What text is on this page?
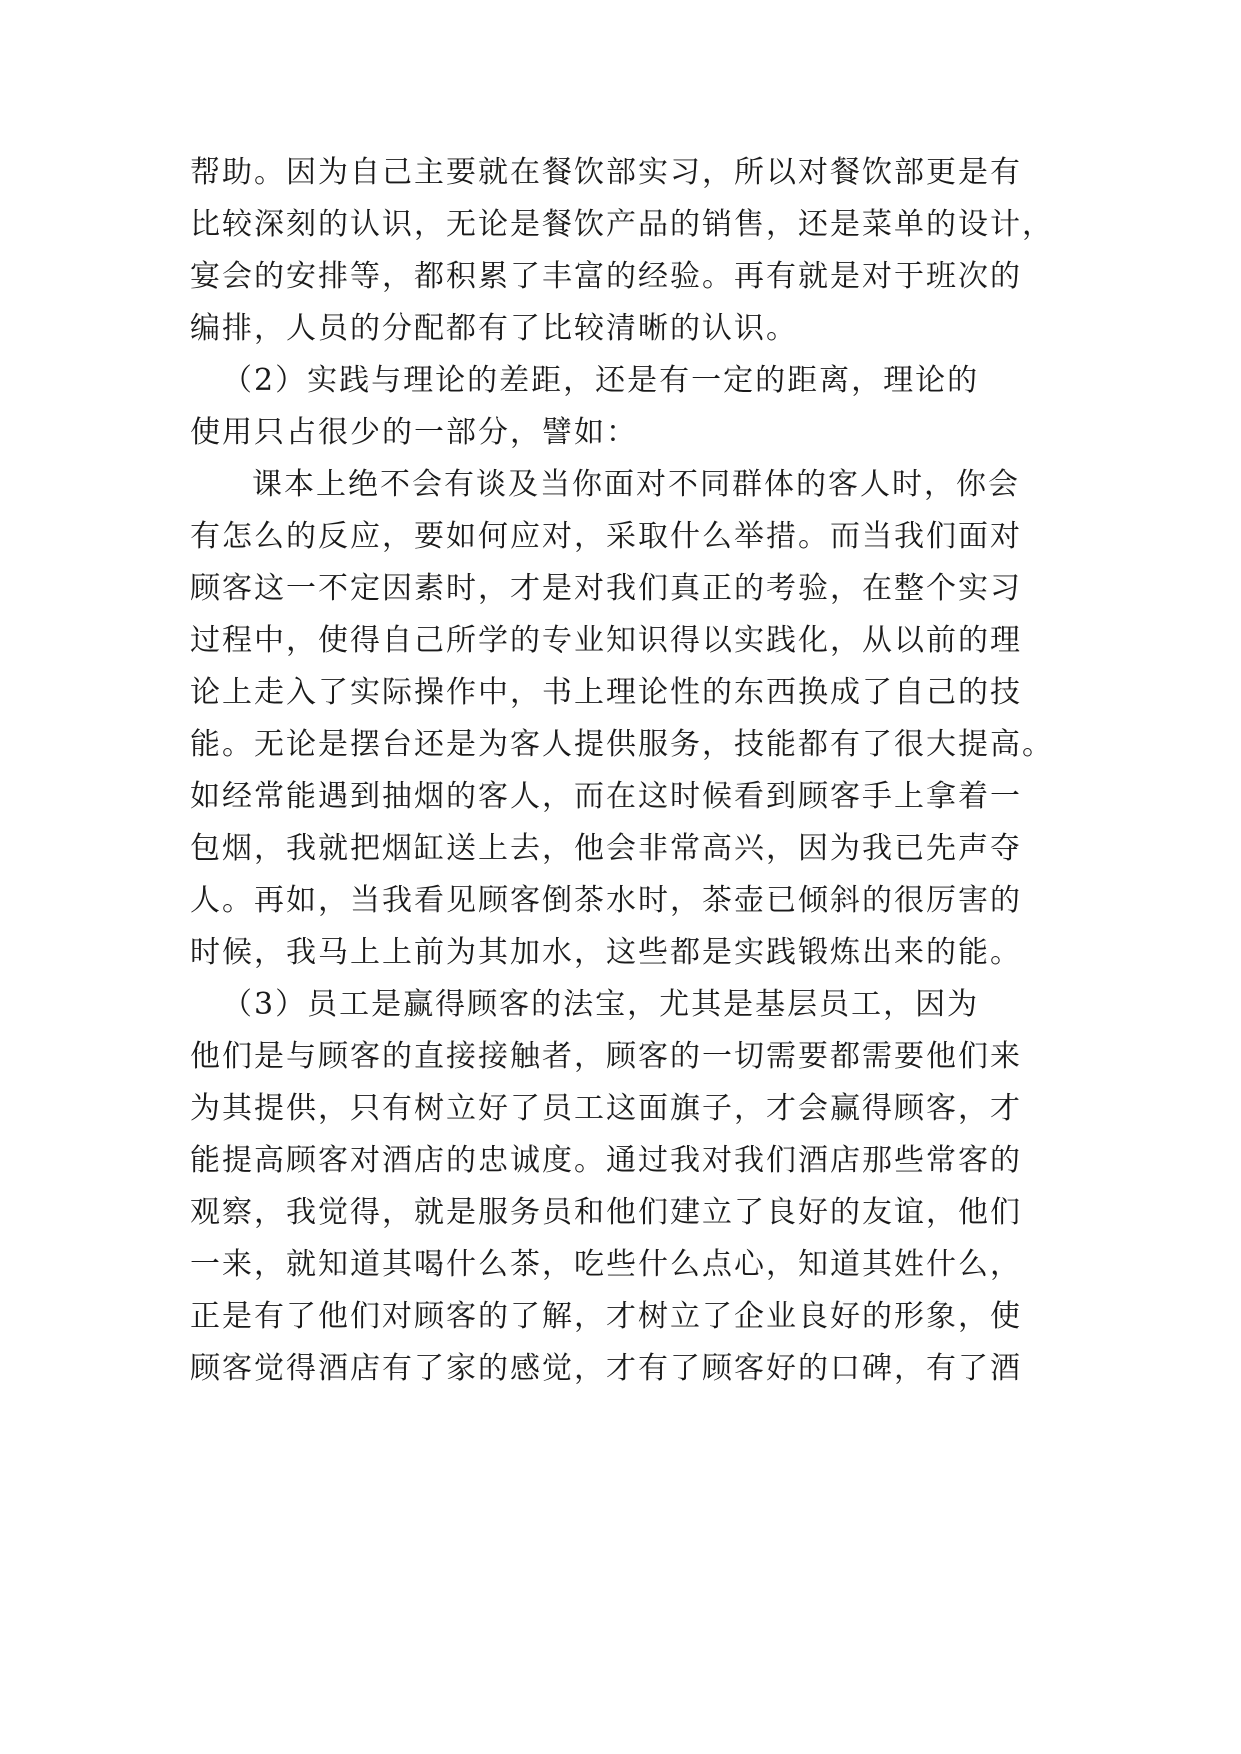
帮助。因为自己主要就在餐饮部实习，所以对餐饮部更是有
比较深刻的认识，无论是餐饮产品的销售，还是菜单的设计，
宴会的安排等，都积累了丰富的经验。再有就是对于班次的
编排，人员的分配都有了比较清晰的认识。
（2）实践与理论的差距，还是有一定的距离，理论的
使用只占很少的一部分，譬如：
课本上绝不会有谈及当你面对不同群体的客人时，你会
有怎么的反应，要如何应对，采取什么举措。而当我们面对
顾客这一不定因素时，才是对我们真正的考验，在整个实习
过程中，使得自己所学的专业知识得以实践化，从以前的理
论上走入了实际操作中，书上理论性的东西换成了自己的技
能。无论是摆台还是为客人提供服务，技能都有了很大提高。
如经常能遇到抽烟的客人，而在这时候看到顾客手上拿着一
包烟，我就把烟缸送上去，他会非常高兴，因为我已先声夺
人。再如，当我看见顾客倒茶水时，茶壶已倾斜的很厉害的
时候，我马上上前为其加水，这些都是实践锻炼出来的能。
（3）员工是赢得顾客的法宝，尤其是基层员工，因为
他们是与顾客的直接接触者，顾客的一切需要都需要他们来
为其提供，只有树立好了员工这面旗子，才会赢得顾客，才
能提高顾客对酒店的忠诚度。通过我对我们酒店那些常客的
观察，我觉得，就是服务员和他们建立了良好的友谊，他们
一来，就知道其喝什么茶，吃些什么点心，知道其姓什么，
正是有了他们对顾客的了解，才树立了企业良好的形象，使
顾客觉得酒店有了家的感觉，才有了顾客好的口碑，有了酒
